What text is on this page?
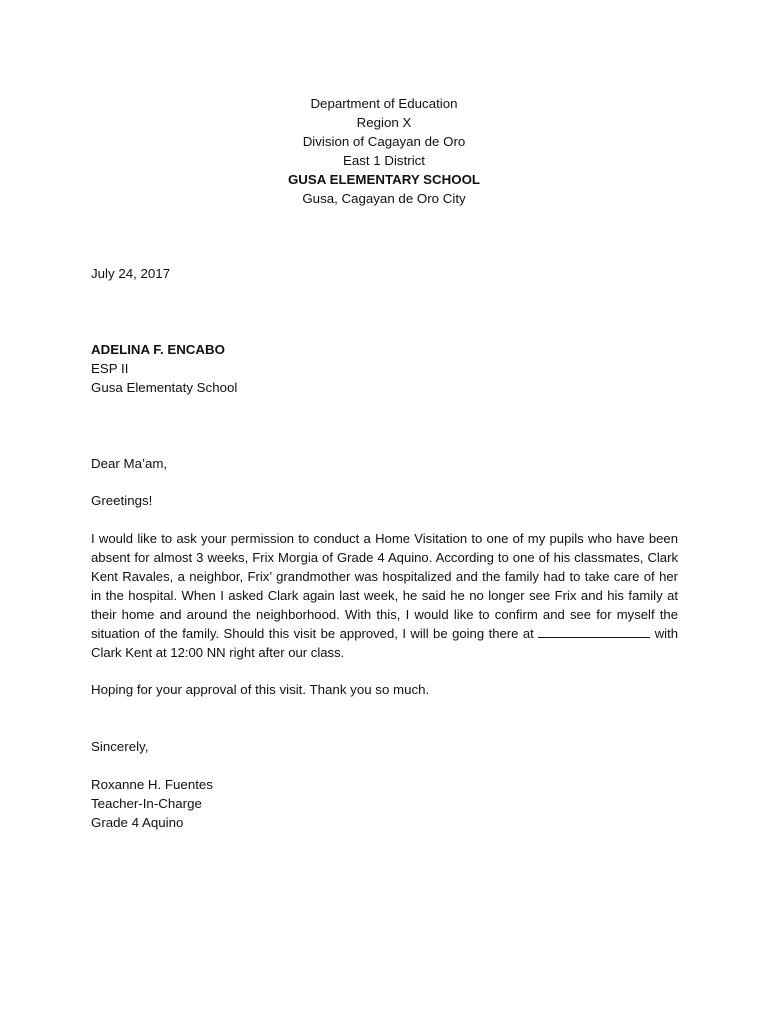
Department of Education
Region X
Division of Cagayan de Oro
East 1 District
GUSA ELEMENTARY SCHOOL
Gusa, Cagayan de Oro City
July 24, 2017
ADELINA F. ENCABO
ESP II
Gusa Elementaty School
Dear Ma’am,
Greetings!
I would like to ask your permission to conduct a Home Visitation to one of my pupils who have been absent for almost 3 weeks, Frix Morgia of Grade 4 Aquino. According to one of his classmates, Clark Kent Ravales, a neighbor, Frix’ grandmother was hospitalized and the family had to take care of her in the hospital. When I asked Clark again last week, he said he no longer see Frix and his family at their home and around the neighborhood. With this, I would like to confirm and see for myself the situation of the family. Should this visit be approved, I will be going there at	with Clark Kent at 12:00 NN right after our class.
Hoping for your approval of this visit. Thank you so much.
Sincerely,
Roxanne H. Fuentes
Teacher-In-Charge
Grade 4 Aquino
